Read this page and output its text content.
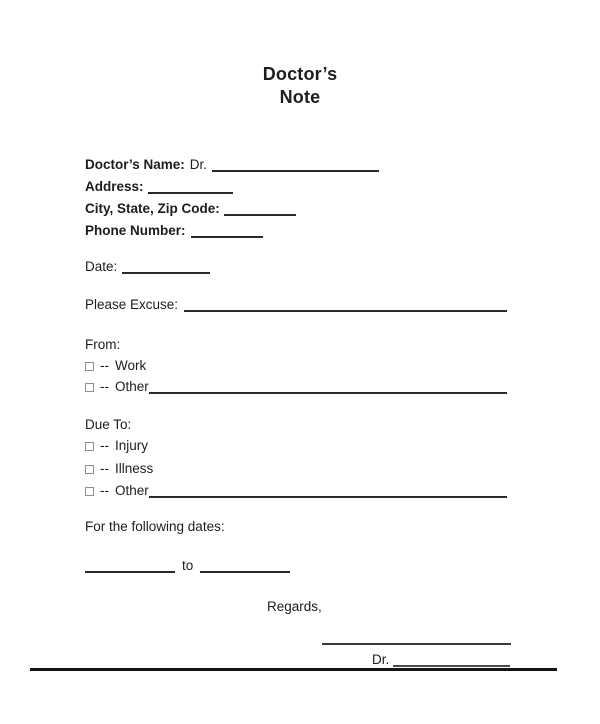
Doctor’s
Note
Doctor’s Name: Dr.
Address:
City, State, Zip Code:
Phone Number:
Date:
Please Excuse:
From:
-- Work
-- Other
Due To:
-- Injury
-- Illness
-- Other
For the following dates:
to
Regards,
Dr.
